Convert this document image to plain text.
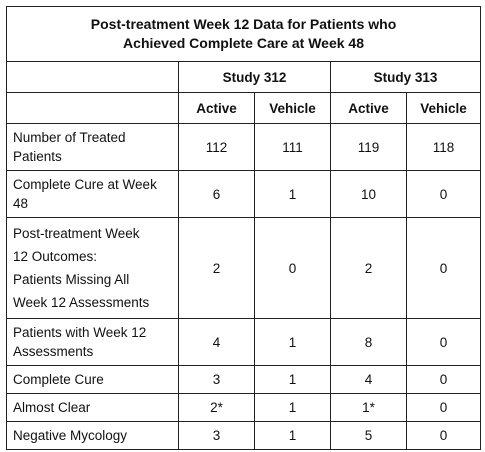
Post-treatment Week 12 Data for Patients who
Achieved Complete Care at Week 48				

	Study 312		Study 313	
	Active	Vehicle	Active	Vehicle

Number of Treated
Patients	112	111	119	118

Complete Cure at Week
48	6	1	10	0

Post-treatment Week
12 Outcomes:
Patients Missing All
Week 12 Assessments	2	0	2	0

Patients with Week 12
Assessments	4	1	8	0

Complete Cure	3	1	4	0

Almost Clear	2*	1	1*	0

Negative Mycology	3	1	5	0
